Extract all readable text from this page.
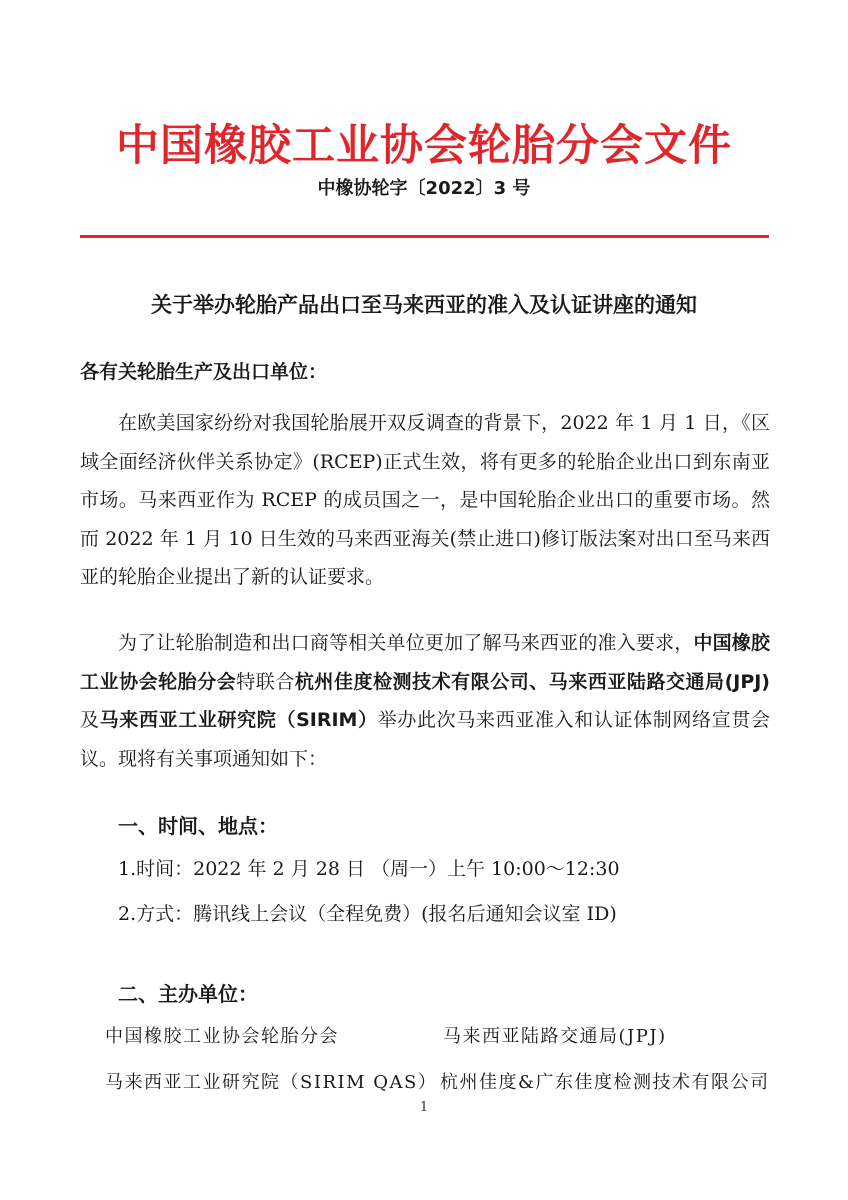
中国橡胶工业协会轮胎分会文件
中橡协轮字〔2022〕3 号
关于举办轮胎产品出口至马来西亚的准入及认证讲座的通知
各有关轮胎生产及出口单位：
在欧美国家纷纷对我国轮胎展开双反调查的背景下，2022 年 1 月 1 日，《区域全面经济伙伴关系协定》(RCEP)正式生效，将有更多的轮胎企业出口到东南亚市场。马来西亚作为 RCEP 的成员国之一，是中国轮胎企业出口的重要市场。然而 2022 年 1 月 10 日生效的马来西亚海关(禁止进口)修订版法案对出口至马来西亚的轮胎企业提出了新的认证要求。
为了让轮胎制造和出口商等相关单位更加了解马来西亚的准入要求，中国橡胶工业协会轮胎分会特联合杭州佳度检测技术有限公司、马来西亚陆路交通局(JPJ)及马来西亚工业研究院（SIRIM）举办此次马来西亚准入和认证体制网络宣贯会议。现将有关事项通知如下：
一、时间、地点：
1.时间：2022 年 2 月 28 日 （周一）上午 10:00～12:30
2.方式：腾讯线上会议（全程免费）(报名后通知会议室 ID)
二、主办单位：
中国橡胶工业协会轮胎分会	马来西亚陆路交通局(JPJ)
马来西亚工业研究院（SIRIM QAS） 杭州佳度&广东佳度检测技术有限公司
1
